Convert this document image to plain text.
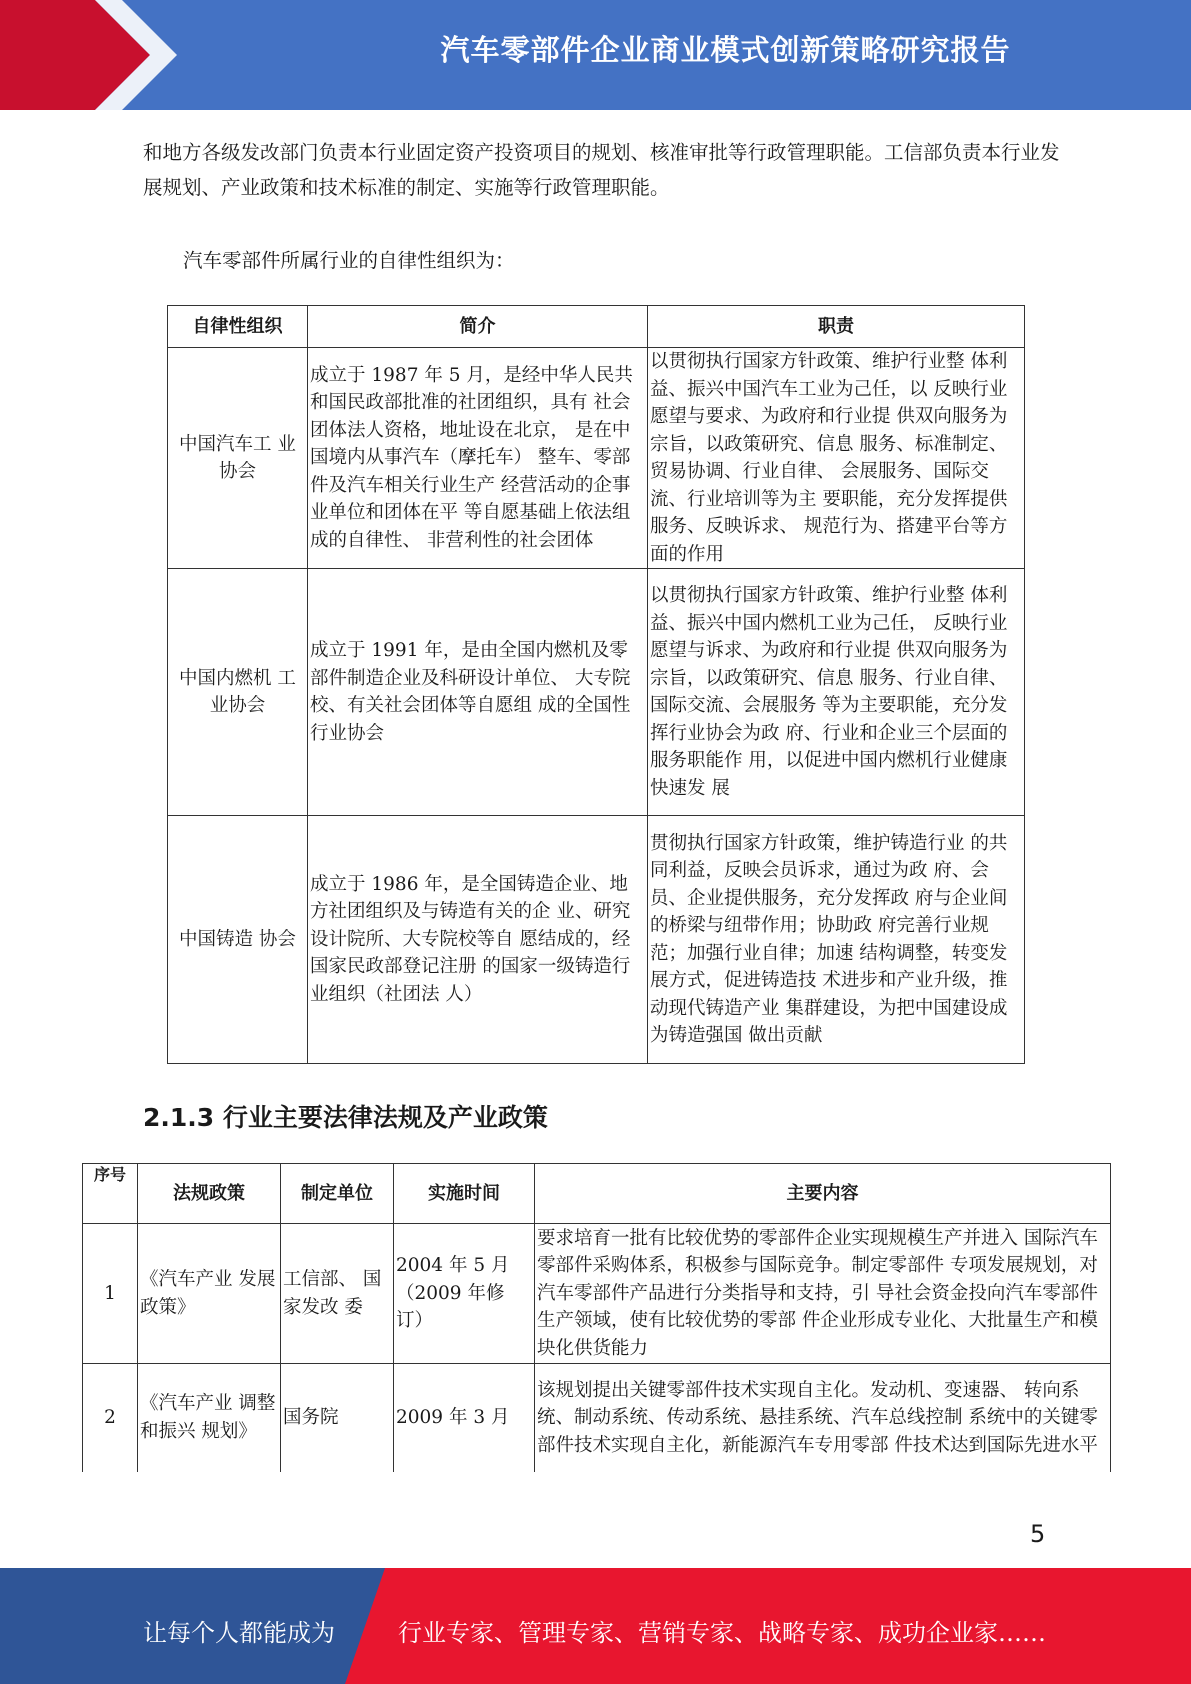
汽车零部件企业商业模式创新策略研究报告

和地方各级发改部门负责本行业固定资产投资项目的规划、核准审批等行政管理职能。工信部负责本行业发展规划、产业政策和技术标准的制定、实施等行政管理职能。

汽车零部件所属行业的自律性组织为：

自律性组织	简介	职责
中国汽车工 业协会	成立于 1987 年 5 月，是经中华人民共和国民政部批准的社团组织，具有 社会团体法人资格，地址设在北京， 是在中国境内从事汽车（摩托车） 整车、零部件及汽车相关行业生产 经营活动的企事业单位和团体在平 等自愿基础上依法组成的自律性、 非营利性的社会团体	以贯彻执行国家方针政策、维护行业整 体利益、振兴中国汽车工业为己任，以 反映行业愿望与要求、为政府和行业提 供双向服务为宗旨，以政策研究、信息 服务、标准制定、贸易协调、行业自律、 会展服务、国际交流、行业培训等为主 要职能，充分发挥提供服务、反映诉求、 规范行为、搭建平台等方面的作用
中国内燃机 工业协会	成立于 1991 年，是由全国内燃机及零部件制造企业及科研设计单位、 大专院校、有关社会团体等自愿组 成的全国性行业协会	以贯彻执行国家方针政策、维护行业整 体利益、振兴中国内燃机工业为己任， 反映行业愿望与诉求、为政府和行业提 供双向服务为宗旨，以政策研究、信息 服务、行业自律、国际交流、会展服务 等为主要职能，充分发挥行业协会为政 府、行业和企业三个层面的服务职能作 用，以促进中国内燃机行业健康快速发 展
中国铸造 协会	成立于 1986 年，是全国铸造企业、地方社团组织及与铸造有关的企 业、研究设计院所、大专院校等自 愿结成的，经国家民政部登记注册 的国家一级铸造行业组织（社团法 人）	贯彻执行国家方针政策，维护铸造行业 的共同利益，反映会员诉求，通过为政 府、会员、企业提供服务，充分发挥政 府与企业间的桥梁与纽带作用；协助政 府完善行业规范；加强行业自律；加速 结构调整，转变发展方式，促进铸造技 术进步和产业升级，推动现代铸造产业 集群建设，为把中国建设成为铸造强国 做出贡献
2.1.3 行业主要法律法规及产业政策
序号	法规政策	制定单位	实施时间	主要内容
1	《汽车产业 发展政策》	工信部、 国家发改 委	2004 年 5 月（2009 年修订）	要求培育一批有比较优势的零部件企业实现规模生产并进入 国际汽车零部件采购体系，积极参与国际竞争。制定零部件 专项发展规划，对汽车零部件产品进行分类指导和支持，引 导社会资金投向汽车零部件生产领域，使有比较优势的零部 件企业形成专业化、大批量生产和模块化供货能力
2	《汽车产业 调整和振兴 规划》	国务院	2009 年 3 月	该规划提出关键零部件技术实现自主化。发动机、变速器、 转向系统、制动系统、传动系统、悬挂系统、汽车总线控制 系统中的关键零部件技术实现自主化，新能源汽车专用零部 件技术达到国际先进水平
5
让每个人都能成为	行业专家、管理专家、营销专家、战略专家、成功企业家……
